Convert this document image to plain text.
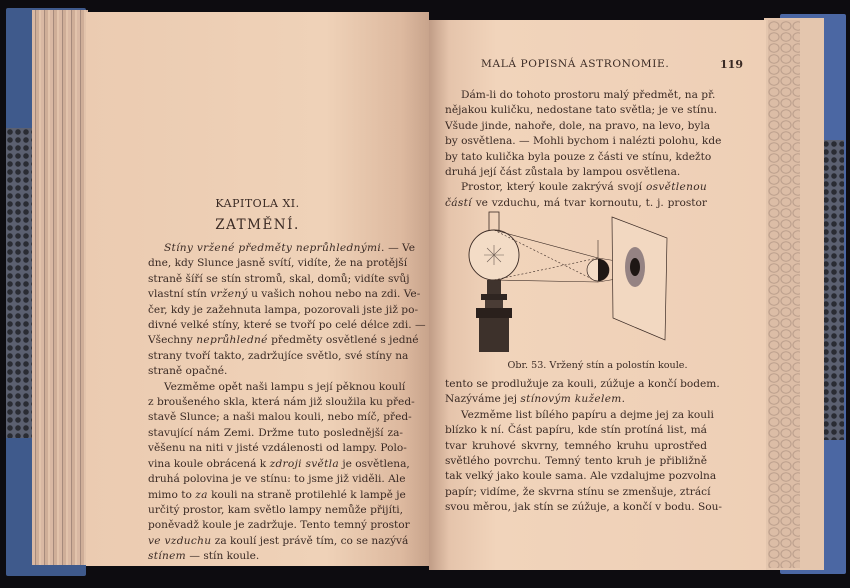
KAPITOLA XI.
ZATMĚNÍ.
Stíny vržené předměty neprůhlednými. — Ve
dne, kdy Slunce jasně svítí, vidíte, že na protější
straně šíří se stín stromů, skal, domů; vidíte svůj
vlastní stín vržený u vašich nohou nebo na zdi. Ve-
čer, kdy je zažehnuta lampa, pozorovali jste již po-
divné velké stíny, které se tvoří po celé délce zdi. —
Všechny neprůhledné předměty osvětlené s jedné
strany tvoří takto, zadržujíce světlo, své stíny na
straně opačné.
Vezměme opět naši lampu s její pěknou koulí
z broušeného skla, která nám již sloužila ku před-
stavě Slunce; a naši malou kouli, nebo míč, před-
stavující nám Zemi. Držme tuto poslednější za-
věšenu na niti v jisté vzdálenosti od lampy. Polo-
vina koule obrácená k zdroji světla je osvětlena,
druhá polovina je ve stínu: to jsme již viděli. Ale
mimo to za kouli na straně protilehlé k lampě je
určitý prostor, kam světlo lampy nemůže přijíti,
poněvadž koule je zadržuje. Tento temný prostor
ve vzduchu za koulí jest právě tím, co se nazývá
stínem — stín koule.
MALÁ POPISNÁ ASTRONOMIE.	119
Dám-li do tohoto prostoru malý předmět, na př.
nějakou kuličku, nedostane tato světla; je ve stínu.
Všude jinde, nahoře, dole, na pravo, na levo, byla
by osvětlena. — Mohli bychom i nalézti polohu, kde
by tato kulička byla pouze z části ve stínu, kdežto
druhá její část zůstala by lampou osvětlena.
Prostor, který koule zakrývá svojí osvětlenou
částí ve vzduchu, má tvar kornoutu, t. j. prostor
Obr. 53. Vržený stín a polostín koule.
tento se prodlužuje za kouli, zúžuje a končí bodem.
Nazýváme jej stínovým kuželem.
Vezměme list bílého papíru a dejme jej za kouli
blízko k ní. Část papíru, kde stín protíná list, má
tvar kruhové skvrny, temného kruhu uprostřed
světlého povrchu. Temný tento kruh je přibližně
tak velký jako koule sama. Ale vzdalujme pozvolna
papír; vidíme, že skvrna stínu se zmenšuje, ztrácí
svou měrou, jak stín se zúžuje, a končí v bodu. Sou-
